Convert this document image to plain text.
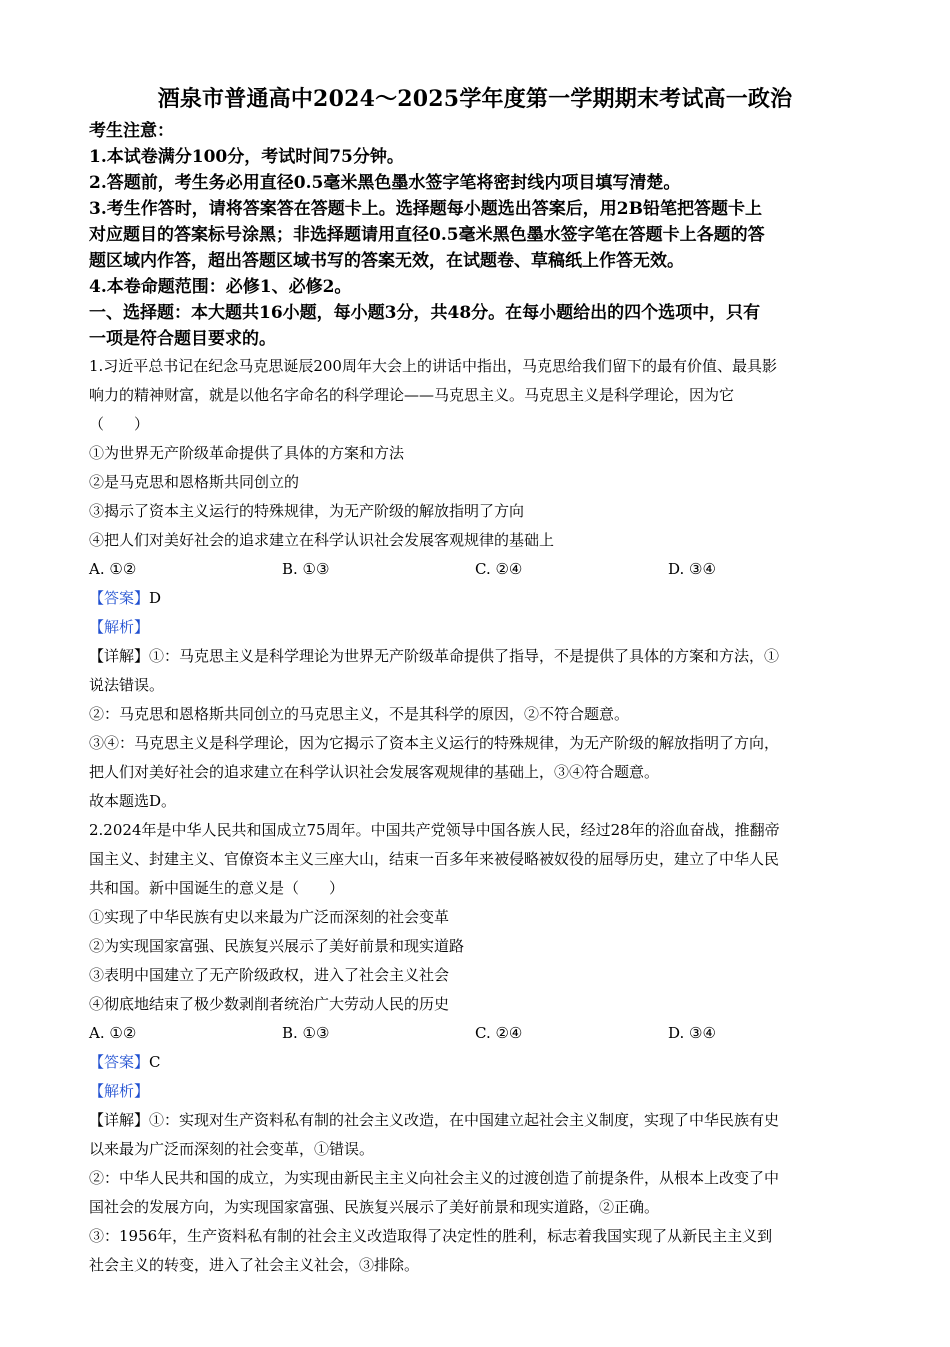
酒泉市普通高中2024～2025学年度第一学期期末考试高一政治

考生注意：

1.本试卷满分100分，考试时间75分钟。

2.答题前，考生务必用直径0.5毫米黑色墨水签字笔将密封线内项目填写清楚。

3.考生作答时，请将答案答在答题卡上。选择题每小题选出答案后，用2B铅笔把答题卡上

对应题目的答案标号涂黑；非选择题请用直径0.5毫米黑色墨水签字笔在答题卡上各题的答

题区域内作答，超出答题区域书写的答案无效，在试题卷、草稿纸上作答无效。

4.本卷命题范围：必修1、必修2。

一、选择题：本大题共16小题，每小题3分，共48分。在每小题给出的四个选项中，只有

一项是符合题目要求的。

1.习近平总书记在纪念马克思诞辰200周年大会上的讲话中指出，马克思给我们留下的最有价值、最具影

响力的精神财富，就是以他名字命名的科学理论——马克思主义。马克思主义是科学理论，因为它

（　　）

①为世界无产阶级革命提供了具体的方案和方法

②是马克思和恩格斯共同创立的

③揭示了资本主义运行的特殊规律，为无产阶级的解放指明了方向

④把人们对美好社会的追求建立在科学认识社会发展客观规律的基础上

A. ①②	B. ①③	C. ②④	D. ③④

【答案】D

【解析】

【详解】①：马克思主义是科学理论为世界无产阶级革命提供了指导，不是提供了具体的方案和方法，①

说法错误。

②：马克思和恩格斯共同创立的马克思主义，不是其科学的原因，②不符合题意。

③④：马克思主义是科学理论，因为它揭示了资本主义运行的特殊规律，为无产阶级的解放指明了方向，

把人们对美好社会的追求建立在科学认识社会发展客观规律的基础上，③④符合题意。

故本题选D。

2.2024年是中华人民共和国成立75周年。中国共产党领导中国各族人民，经过28年的浴血奋战，推翻帝

国主义、封建主义、官僚资本主义三座大山，结束一百多年来被侵略被奴役的屈辱历史，建立了中华人民

共和国。新中国诞生的意义是（　　）

①实现了中华民族有史以来最为广泛而深刻的社会变革

②为实现国家富强、民族复兴展示了美好前景和现实道路

③表明中国建立了无产阶级政权，进入了社会主义社会

④彻底地结束了极少数剥削者统治广大劳动人民的历史

A. ①②	B. ①③	C. ②④	D. ③④

【答案】C

【解析】

【详解】①：实现对生产资料私有制的社会主义改造，在中国建立起社会主义制度，实现了中华民族有史

以来最为广泛而深刻的社会变革，①错误。

②：中华人民共和国的成立，为实现由新民主主义向社会主义的过渡创造了前提条件，从根本上改变了中

国社会的发展方向，为实现国家富强、民族复兴展示了美好前景和现实道路，②正确。

③：1956年，生产资料私有制的社会主义改造取得了决定性的胜利，标志着我国实现了从新民主主义到

社会主义的转变，进入了社会主义社会，③排除。
